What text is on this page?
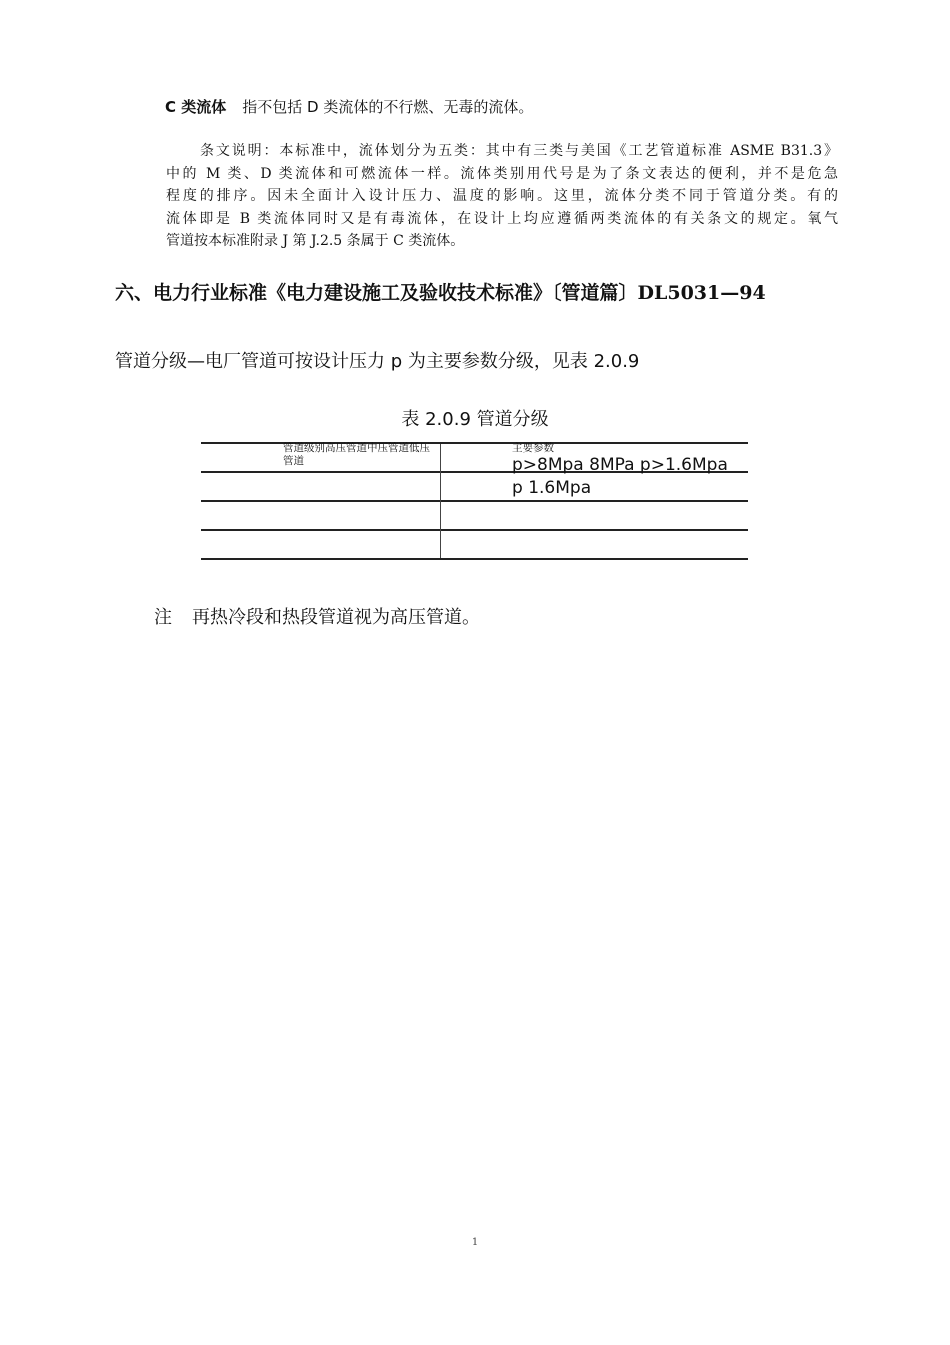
C 类流体 指不包括 D 类流体的不行燃、无毒的流体。
条文说明：本标准中，流体划分为五类：其中有三类与美国《工艺管道标准 ASME B31.3》
中的 M 类、D 类流体和可燃流体一样。流体类别用代号是为了条文表达的便利，并不是危急
程度的排序。因未全面计入设计压力、温度的影响。这里，流体分类不同于管道分类。有的
流体即是 B 类流体同时又是有毒流体，在设计上均应遵循两类流体的有关条文的规定。氧气
管道按本标准附录 J 第 J.2.5 条属于 C 类流体。
六、电力行业标准《电力建设施工及验收技术标准》〔管道篇〕DL5031—94
管道分级—电厂管道可按设计压力 p 为主要参数分级，见表 2.0.9
表 2.0.9 管道分级
管道级别高压管道中压管道低压管道
主要参数
p>8Mpa 8MPa p>1.6Mpa
p 1.6Mpa
注 再热冷段和热段管道视为高压管道。
1
